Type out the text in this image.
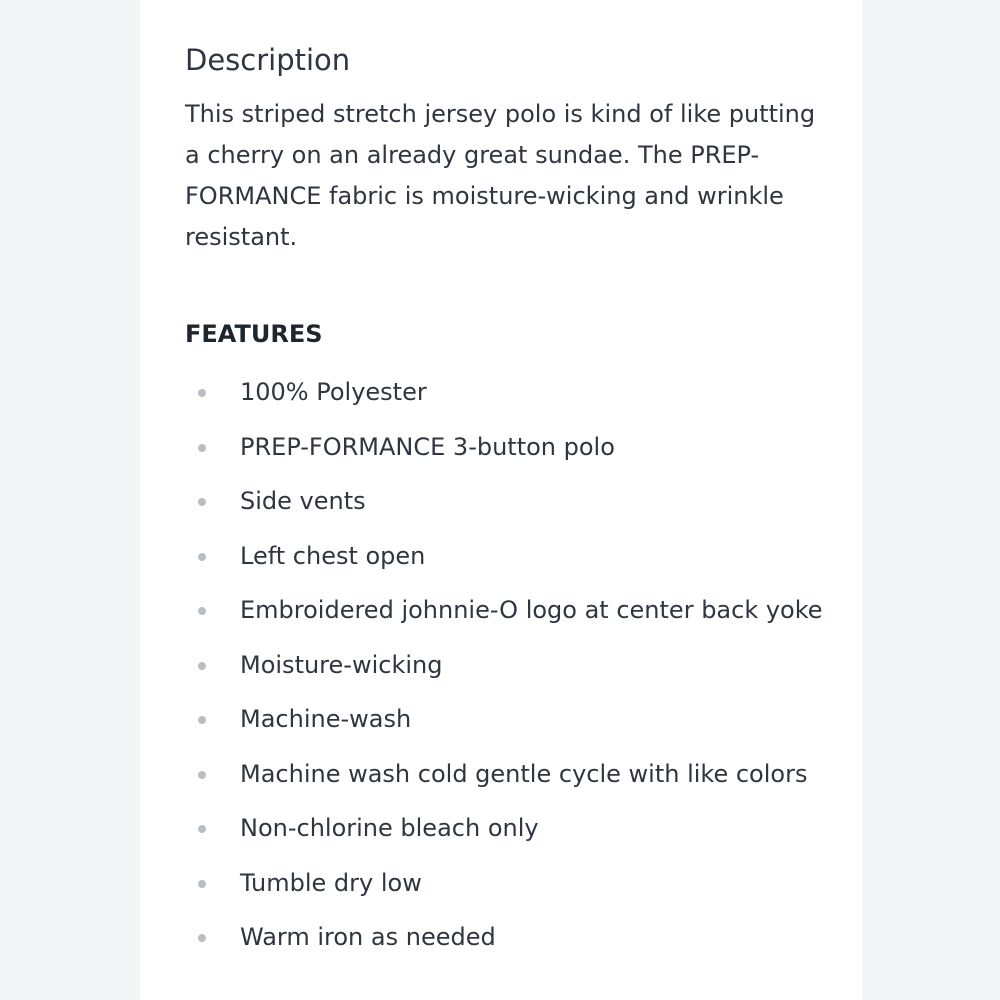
Description

This striped stretch jersey polo is kind of like putting a cherry on an already great sundae. The PREP-FORMANCE fabric is moisture-wicking and wrinkle resistant.

FEATURES
100% Polyester
PREP-FORMANCE 3-button polo
Side vents
Left chest open
Embroidered johnnie-O logo at center back yoke
Moisture-wicking
Machine-wash
Machine wash cold gentle cycle with like colors
Non-chlorine bleach only
Tumble dry low
Warm iron as needed
